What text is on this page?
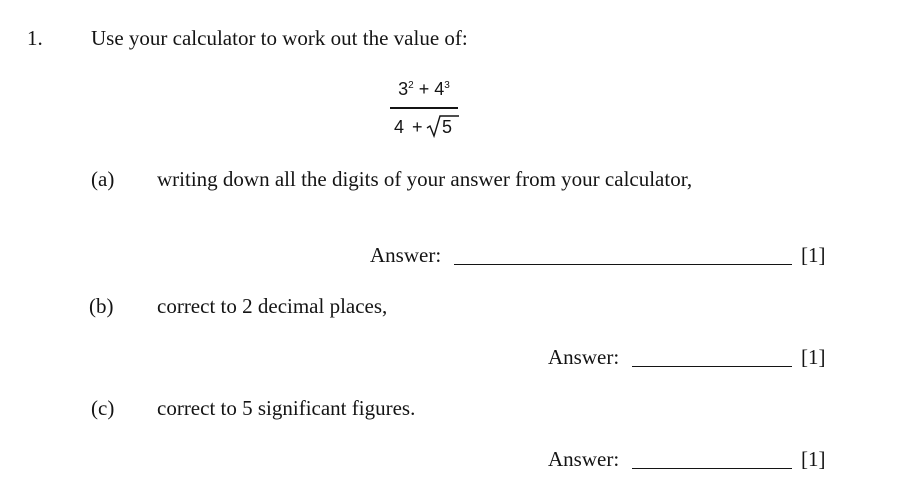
1. Use your calculator to work out the value of:
$3^2 + 4^3$
4 + 5
(a) writing down all the digits of your answer from your calculator,
Answer:	[1]
(b) correct to 2 decimal places,
Answer:	[1]
(c) correct to 5 significant figures.
Answer:	[1]
